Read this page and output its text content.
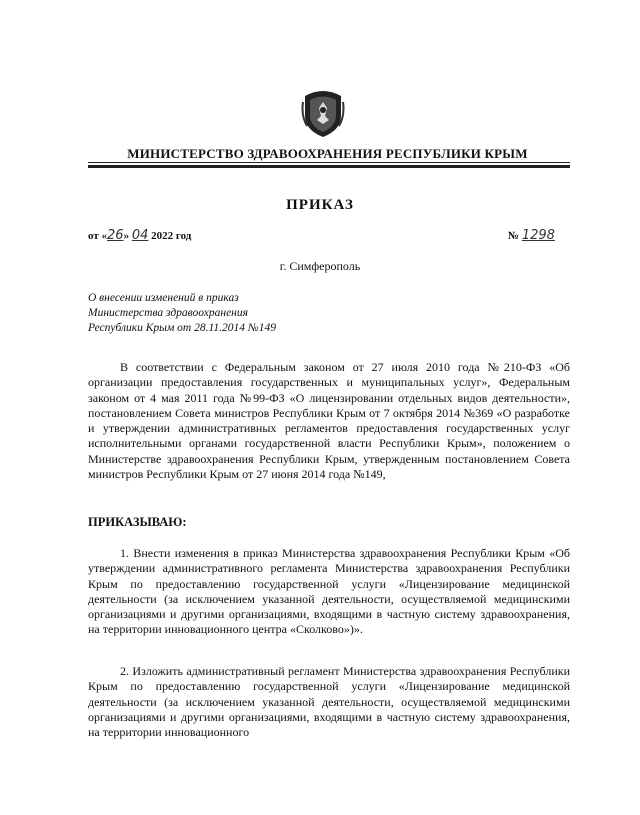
МИНИСТЕРСТВО ЗДРАВООХРАНЕНИЯ РЕСПУБЛИКИ КРЫМ
ПРИКАЗ
от «26» 04 2022 год	№ 1298
г. Симферополь
О внесении изменений в приказ
Министерства здравоохранения
Республики Крым от 28.11.2014 №149
В соответствии с Федеральным законом от 27 июля 2010 года №210-ФЗ «Об организации предоставления государственных и муниципальных услуг», Федеральным законом от 4 мая 2011 года №99-ФЗ «О лицензировании отдельных видов деятельности», постановлением Совета министров Республики Крым от 7 октября 2014 №369 «О разработке и утверждении административных регламентов предоставления государственных услуг исполнительными органами государственной власти Республики Крым», положением о Министерстве здравоохранения Республики Крым, утвержденным постановлением Совета министров Республики Крым от 27 июня 2014 года №149,
ПРИКАЗЫВАЮ:
1. Внести изменения в приказ Министерства здравоохранения Республики Крым «Об утверждении административного регламента Министерства здравоохранения Республики Крым по предоставлению государственной услуги «Лицензирование медицинской деятельности (за исключением указанной деятельности, осуществляемой медицинскими организациями и другими организациями, входящими в частную систему здравоохранения, на территории инновационного центра «Сколково»)».
2. Изложить административный регламент Министерства здравоохранения Республики Крым по предоставлению государственной услуги «Лицензирование медицинской деятельности (за исключением указанной деятельности, осуществляемой медицинскими организациями и другими организациями, входящими в частную систему здравоохранения, на территории инновационного
